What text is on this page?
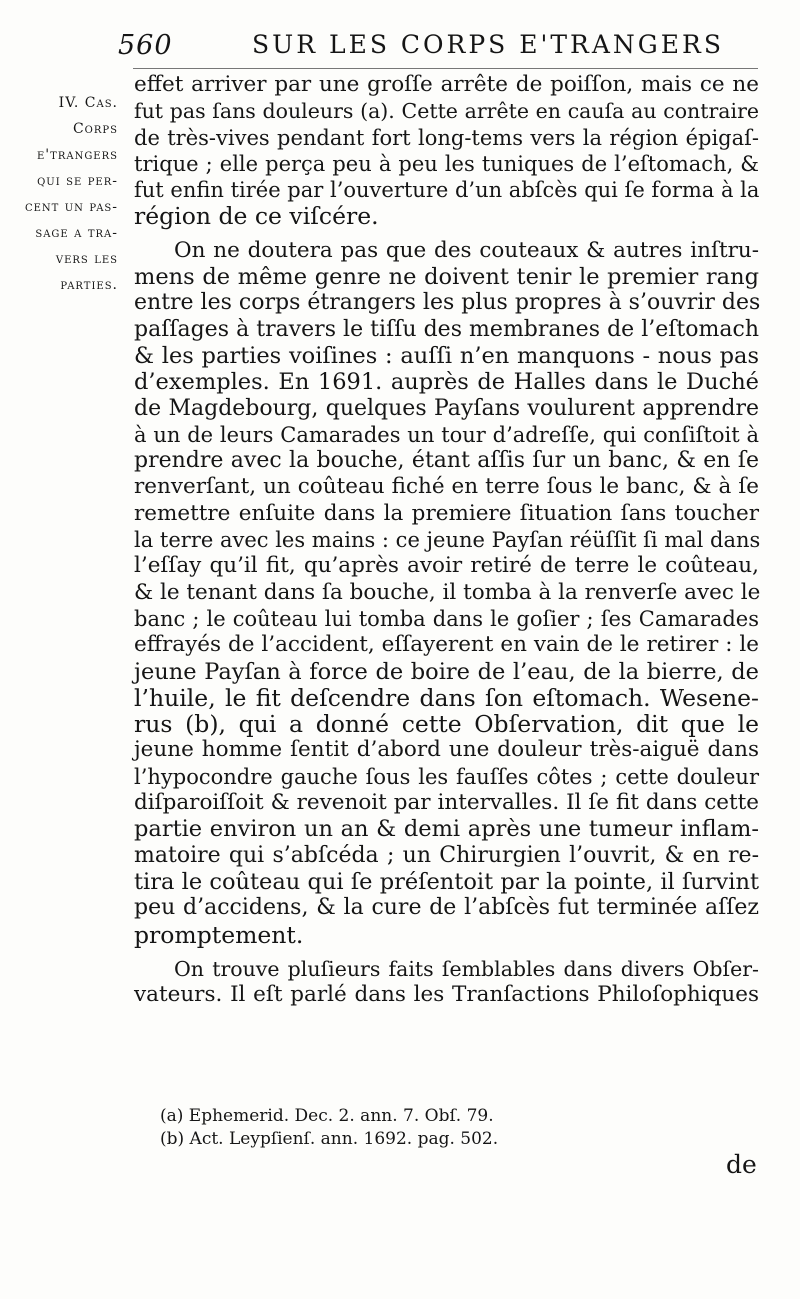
560	SUR LES CORPS E'TRANGERS
IV. Cas.
Corps
e'trangers
qui se per-
cent un pas-
sage a tra-
vers les
parties.
effet arriver par une groſſe arrête de poiſſon, mais ce ne
fut pas ſans douleurs (a). Cette arrête en cauſa au contraire
de très-vives pendant fort long-tems vers la région épigaſ-
trique ; elle perça peu à peu les tuniques de l’eſtomach, &
fut enfin tirée par l’ouverture d’un abſcès qui ſe forma à la
région de ce viſcére.
On ne doutera pas que des couteaux & autres inſtru-
mens de même genre ne doivent tenir le premier rang
entre les corps étrangers les plus propres à s’ouvrir des
paſſages à travers le tiſſu des membranes de l’eſtomach
& les parties voiſines : auſſi n’en manquons - nous pas
d’exemples. En 1691. auprès de Halles dans le Duché
de Magdebourg, quelques Payſans voulurent apprendre
à un de leurs Camarades un tour d’adreſſe, qui conſiſtoit à
prendre avec la bouche, étant aſſis ſur un banc, & en ſe
renverſant, un coûteau fiché en terre ſous le banc, & à ſe
remettre enſuite dans la premiere ſituation ſans toucher
la terre avec les mains : ce jeune Payſan réüſſit ſi mal dans
l’eſſay qu’il fit, qu’après avoir retiré de terre le coûteau,
& le tenant dans ſa bouche, il tomba à la renverſe avec le
banc ; le coûteau lui tomba dans le goſier ; ſes Camarades
effrayés de l’accident, eſſayerent en vain de le retirer : le
jeune Payſan à force de boire de l’eau, de la bierre, de
l’huile, le fit deſcendre dans ſon eſtomach. Wesene-
rus (b), qui a donné cette Obſervation, dit que le
jeune homme ſentit d’abord une douleur très-aiguë dans
l’hypocondre gauche ſous les fauſſes côtes ; cette douleur
diſparoiſſoit & revenoit par intervalles. Il ſe fit dans cette
partie environ un an & demi après une tumeur inflam-
matoire qui s’abſcéda ; un Chirurgien l’ouvrit, & en re-
tira le coûteau qui ſe préſentoit par la pointe, il ſurvint
peu d’accidens, & la cure de l’abſcès fut terminée aſſez
promptement.
On trouve pluſieurs faits ſemblables dans divers Obſer-
vateurs. Il eſt parlé dans les Tranſactions Philoſophiques
(a) Ephemerid. Dec. 2. ann. 7. Obſ. 79.
(b) Act. Leypſienſ. ann. 1692. pag. 502.
de
